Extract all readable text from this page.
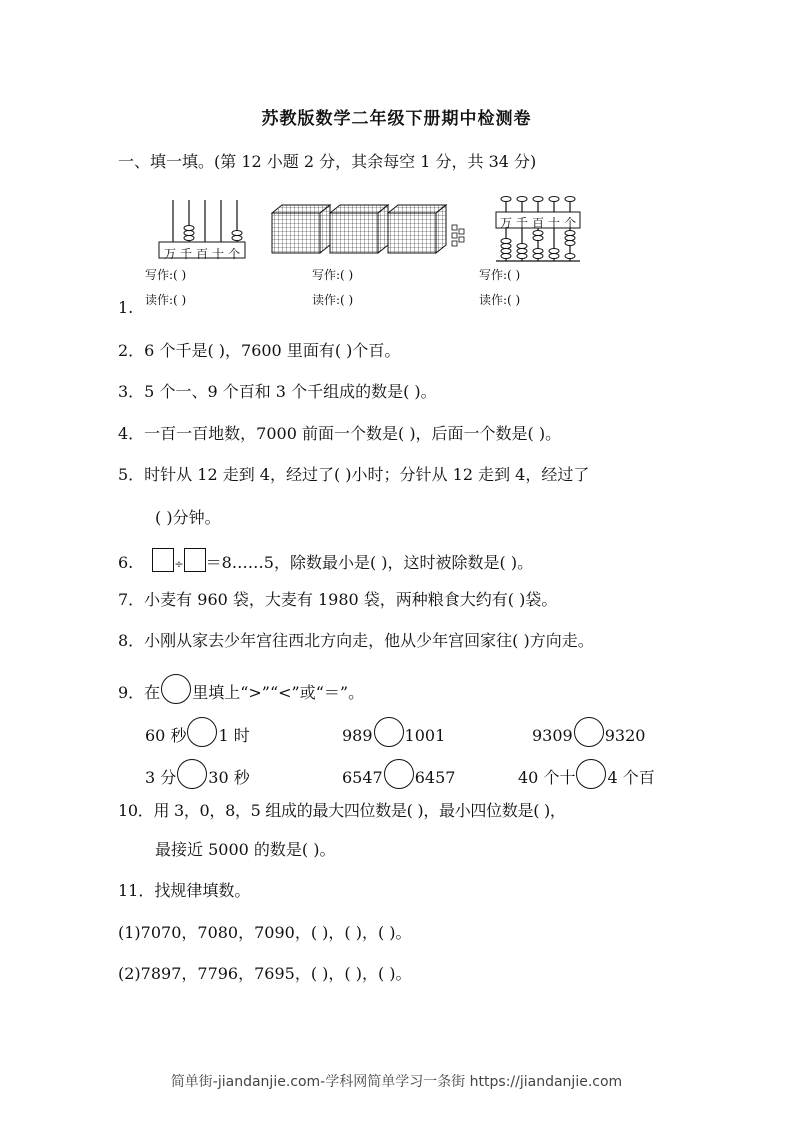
苏教版数学二年级下册期中检测卷
一、填一填。(第 12 小题 2 分，其余每空 1 分，共 34 分)
万千百十个
万千百十个
写作:( )
读作:( )
写作:( )
读作:( )
写作:( )
读作:( )
1.
2．6 个千是( )，7600 里面有( )个百。
3．5 个一、9 个百和 3 个千组成的数是( )。
4．一百一百地数，7000 前面一个数是( )，后面一个数是( )。
5．时针从 12 走到 4，经过了( )小时；分针从 12 走到 4，经过了
( )分钟。
6.	÷ ＝8……5，除数最小是( )，这时被除数是( )。
7．小麦有 960 袋，大麦有 1980 袋，两种粮食大约有( )袋。
8．小刚从家去少年宫往西北方向走，他从少年宫回家往( )方向走。
9．在 里填上“>”“<”或“＝”。
60 秒 1 时	989 1001	9309 9320
3 分 30 秒	6547 6457	40 个十 4 个百
10．用 3，0，8，5 组成的最大四位数是( )，最小四位数是( )，
最接近 5000 的数是( )。
11．找规律填数。
(1)7070，7080，7090，( )，( )，( )。
(2)7897，7796，7695，( )，( )，( )。
简单街-jiandanjie.com-学科网简单学习一条街 https://jiandanjie.com
